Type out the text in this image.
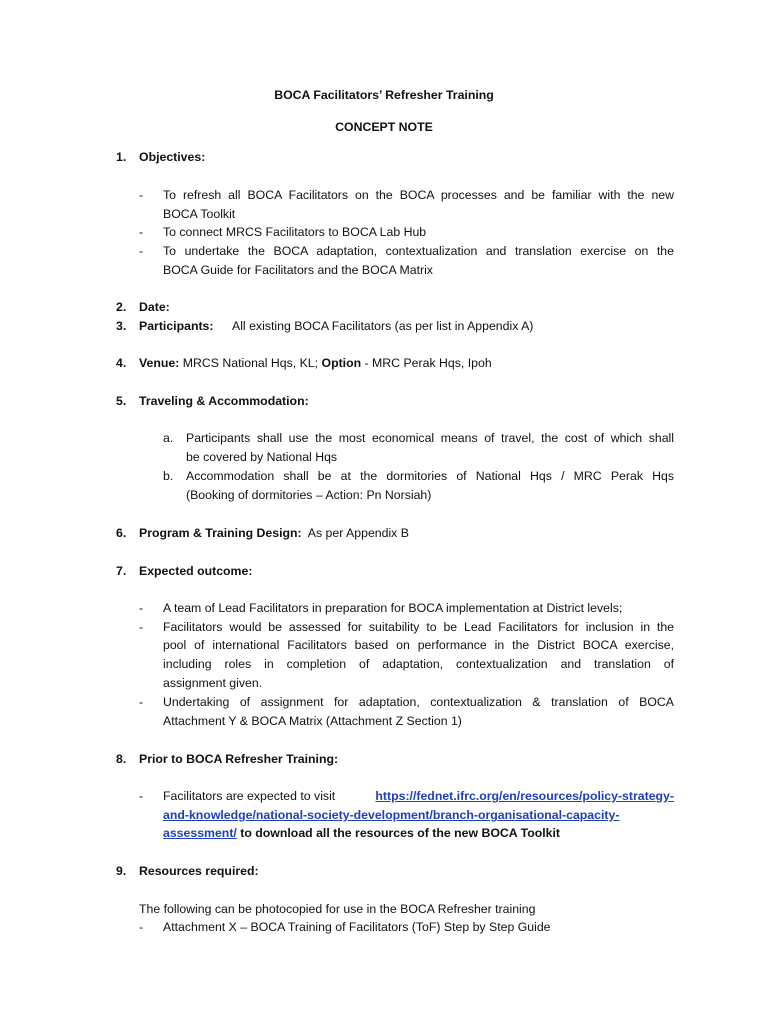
BOCA Facilitators’ Refresher Training
CONCEPT NOTE
1. Objectives:
- To refresh all BOCA Facilitators on the BOCA processes and be familiar with the new
BOCA Toolkit
- To connect MRCS Facilitators to BOCA Lab Hub
- To undertake the BOCA adaptation, contextualization and translation exercise on the
BOCA Guide for Facilitators and the BOCA Matrix
2. Date:
3. Participants: All existing BOCA Facilitators (as per list in Appendix A)
4. Venue: MRCS National Hqs, KL; Option - MRC Perak Hqs, Ipoh
5. Traveling & Accommodation:
a. Participants shall use the most economical means of travel, the cost of which shall
be covered by National Hqs
b. Accommodation shall be at the dormitories of National Hqs / MRC Perak Hqs
(Booking of dormitories – Action: Pn Norsiah)
6. Program & Training Design: As per Appendix B
7. Expected outcome:
- A team of Lead Facilitators in preparation for BOCA implementation at District levels;
- Facilitators would be assessed for suitability to be Lead Facilitators for inclusion in the
pool of international Facilitators based on performance in the District BOCA exercise,
including roles in completion of adaptation, contextualization and translation of
assignment given.
- Undertaking of assignment for adaptation, contextualization & translation of BOCA
Attachment Y & BOCA Matrix (Attachment Z Section 1)
8. Prior to BOCA Refresher Training:
- Facilitators are expected to visit	https://fednet.ifrc.org/en/resources/policy-strategy-
and-knowledge/national-society-development/branch-organisational-capacity-
assessment/ to download all the resources of the new BOCA Toolkit
9. Resources required:
The following can be photocopied for use in the BOCA Refresher training
- Attachment X – BOCA Training of Facilitators (ToF) Step by Step Guide
